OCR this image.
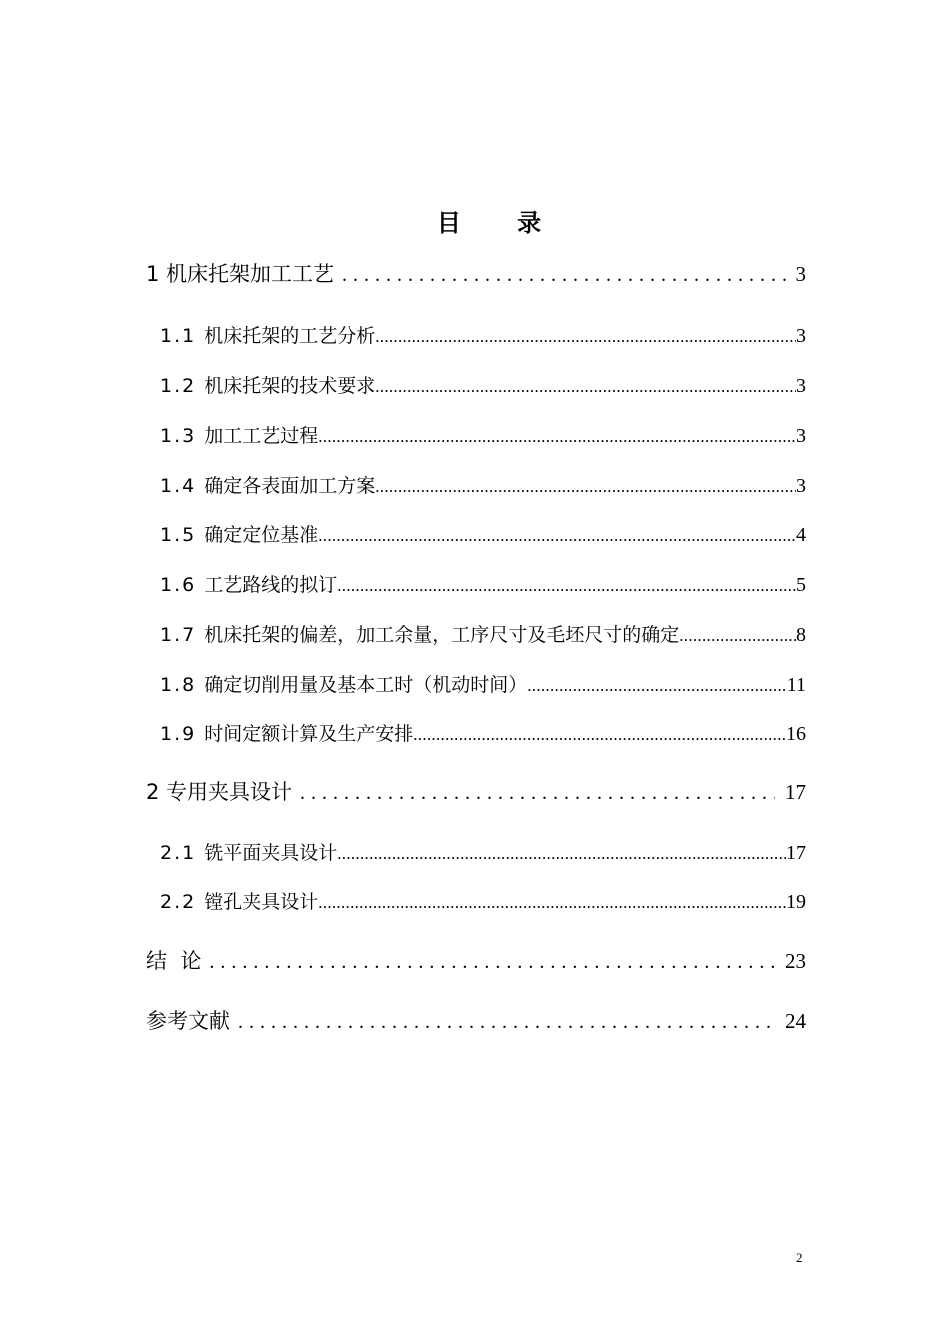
目 录
1 机床托架加工工艺 .....	3
1.1 机床托架的工艺分析 .....	3
1.2 机床托架的技术要求 .....	3
1.3 加工工艺过程 .....	3
1.4 确定各表面加工方案 .....	3
1.5 确定定位基准 .....	4
1.6 工艺路线的拟订 .....	5
1.7 机床托架的偏差，加工余量，工序尺寸及毛坯尺寸的确定 .....	8
1.8 确定切削用量及基本工时（机动时间） .....	11
1.9 时间定额计算及生产安排 .....	16
2 专用夹具设计 .....	17
2.1 铣平面夹具设计 .....	17
2.2 镗孔夹具设计 .....	19
结  论 .....	23
参考文献 .....	24
2
